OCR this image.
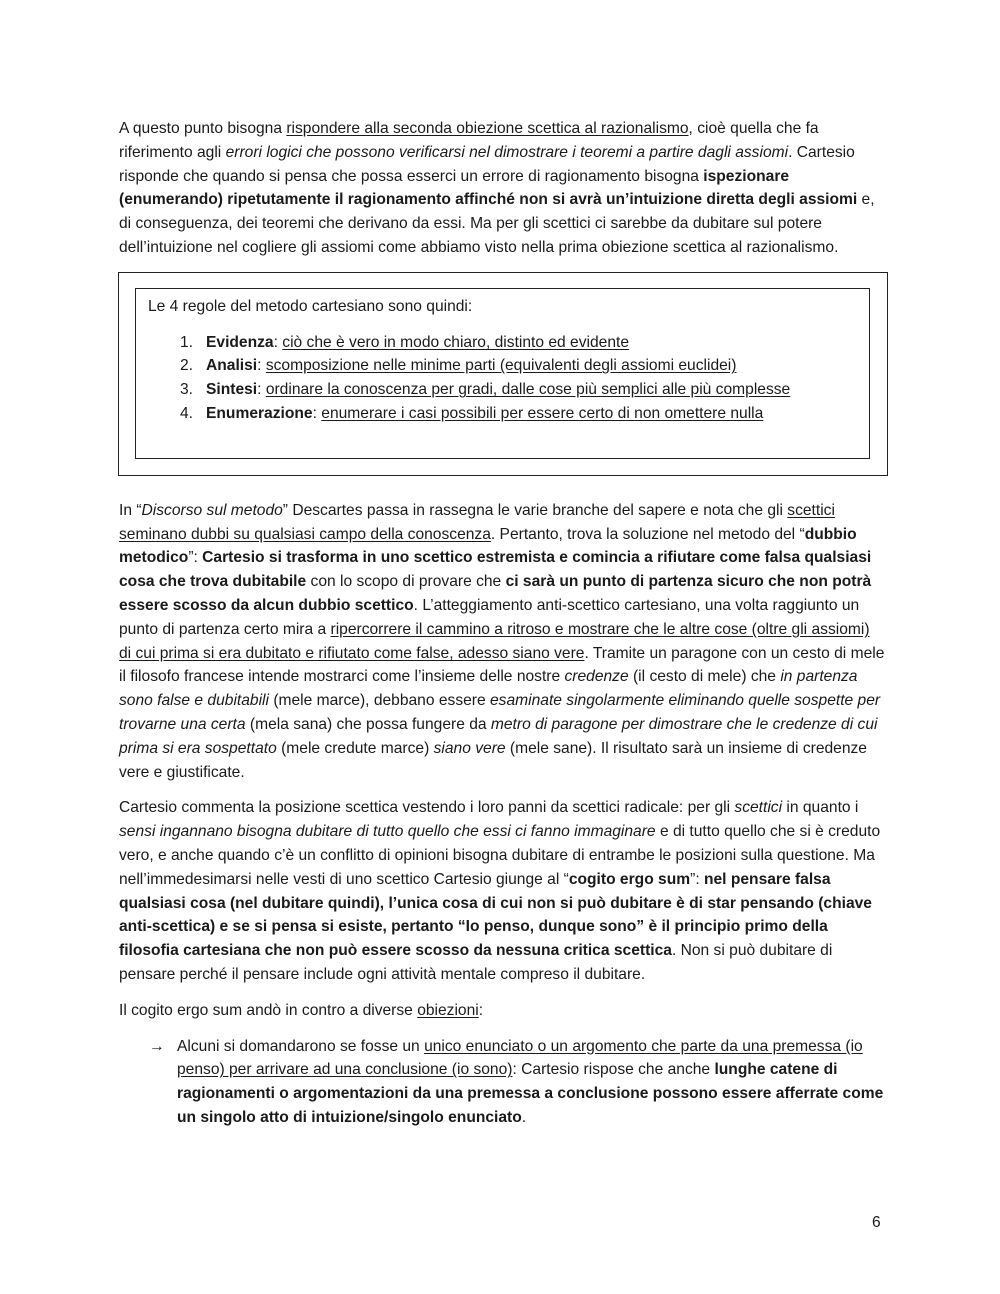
A questo punto bisogna rispondere alla seconda obiezione scettica al razionalismo, cioè quella che fa riferimento agli errori logici che possono verificarsi nel dimostrare i teoremi a partire dagli assiomi. Cartesio risponde che quando si pensa che possa esserci un errore di ragionamento bisogna ispezionare (enumerando) ripetutamente il ragionamento affinché non si avrà un’intuizione diretta degli assiomi e, di conseguenza, dei teoremi che derivano da essi. Ma per gli scettici ci sarebbe da dubitare sul potere dell’intuizione nel cogliere gli assiomi come abbiamo visto nella prima obiezione scettica al razionalismo.

Le 4 regole del metodo cartesiano sono quindi:

1. Evidenza: ciò che è vero in modo chiaro, distinto ed evidente
2. Analisi: scomposizione nelle minime parti (equivalenti degli assiomi euclidei)
3. Sintesi: ordinare la conoscenza per gradi, dalle cose più semplici alle più complesse
4. Enumerazione: enumerare i casi possibili per essere certo di non omettere nulla

In “Discorso sul metodo” Descartes passa in rassegna le varie branche del sapere e nota che gli scettici seminano dubbi su qualsiasi campo della conoscenza. Pertanto, trova la soluzione nel metodo del “dubbio metodico”: Cartesio si trasforma in uno scettico estremista e comincia a rifiutare come falsa qualsiasi cosa che trova dubitabile con lo scopo di provare che ci sarà un punto di partenza sicuro che non potrà essere scosso da alcun dubbio scettico. L’atteggiamento anti-scettico cartesiano, una volta raggiunto un punto di partenza certo mira a ripercorrere il cammino a ritroso e mostrare che le altre cose (oltre gli assiomi) di cui prima si era dubitato e rifiutato come false, adesso siano vere. Tramite un paragone con un cesto di mele il filosofo francese intende mostrarci come l’insieme delle nostre credenze (il cesto di mele) che in partenza sono false e dubitabili (mele marce), debbano essere esaminate singolarmente eliminando quelle sospette per trovarne una certa (mela sana) che possa fungere da metro di paragone per dimostrare che le credenze di cui prima si era sospettato (mele credute marce) siano vere (mele sane). Il risultato sarà un insieme di credenze vere e giustificate.

Cartesio commenta la posizione scettica vestendo i loro panni da scettici radicale: per gli scettici in quanto i sensi ingannano bisogna dubitare di tutto quello che essi ci fanno immaginare e di tutto quello che si è creduto vero, e anche quando c’è un conflitto di opinioni bisogna dubitare di entrambe le posizioni sulla questione. Ma nell’immedesimarsi nelle vesti di uno scettico Cartesio giunge al “cogito ergo sum”: nel pensare falsa qualsiasi cosa (nel dubitare quindi), l’unica cosa di cui non si può dubitare è di star pensando (chiave anti-scettica) e se si pensa si esiste, pertanto “Io penso, dunque sono” è il principio primo della filosofia cartesiana che non può essere scosso da nessuna critica scettica. Non si può dubitare di pensare perché il pensare include ogni attività mentale compreso il dubitare.

Il cogito ergo sum andò in contro a diverse obiezioni:

→ Alcuni si domandarono se fosse un unico enunciato o un argomento che parte da una premessa (io penso) per arrivare ad una conclusione (io sono): Cartesio rispose che anche lunghe catene di ragionamenti o argomentazioni da una premessa a conclusione possono essere afferrate come un singolo atto di intuizione/singolo enunciato.
6
